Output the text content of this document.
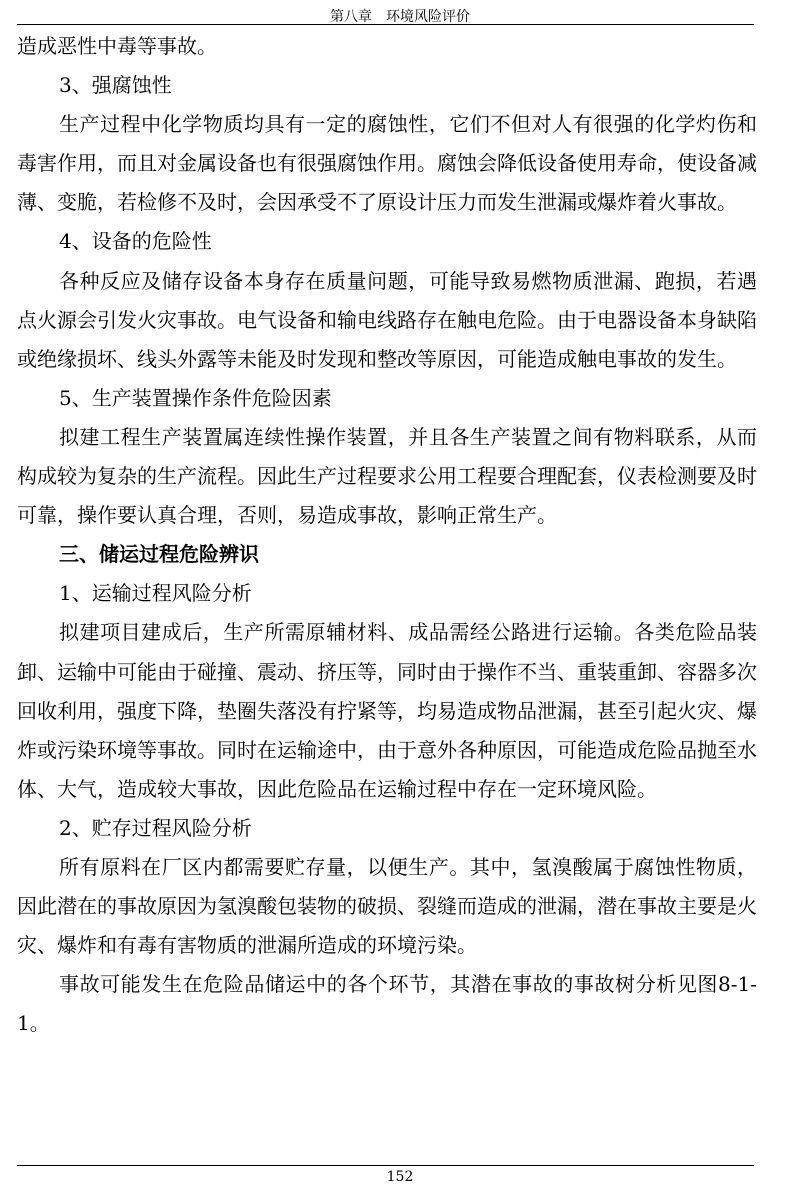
第八章　环境风险评价

造成恶性中毒等事故。

3、强腐蚀性

生产过程中化学物质均具有一定的腐蚀性，它们不但对人有很强的化学灼伤和毒害作用，而且对金属设备也有很强腐蚀作用。腐蚀会降低设备使用寿命，使设备减薄、变脆，若检修不及时，会因承受不了原设计压力而发生泄漏或爆炸着火事故。

4、设备的危险性

各种反应及储存设备本身存在质量问题，可能导致易燃物质泄漏、跑损，若遇点火源会引发火灾事故。电气设备和输电线路存在触电危险。由于电器设备本身缺陷或绝缘损坏、线头外露等未能及时发现和整改等原因，可能造成触电事故的发生。

5、生产装置操作条件危险因素

拟建工程生产装置属连续性操作装置，并且各生产装置之间有物料联系，从而构成较为复杂的生产流程。因此生产过程要求公用工程要合理配套，仪表检测要及时可靠，操作要认真合理，否则，易造成事故，影响正常生产。

三、储运过程危险辨识

1、运输过程风险分析

拟建项目建成后，生产所需原辅材料、成品需经公路进行运输。各类危险品装卸、运输中可能由于碰撞、震动、挤压等，同时由于操作不当、重装重卸、容器多次回收利用，强度下降，垫圈失落没有拧紧等，均易造成物品泄漏，甚至引起火灾、爆炸或污染环境等事故。同时在运输途中，由于意外各种原因，可能造成危险品抛至水体、大气，造成较大事故，因此危险品在运输过程中存在一定环境风险。

2、贮存过程风险分析

所有原料在厂区内都需要贮存量，以便生产。其中，氢溴酸属于腐蚀性物质，因此潜在的事故原因为氢溴酸包装物的破损、裂缝而造成的泄漏，潜在事故主要是火灾、爆炸和有毒有害物质的泄漏所造成的环境污染。

事故可能发生在危险品储运中的各个环节，其潜在事故的事故树分析见图8-1-1。

152
